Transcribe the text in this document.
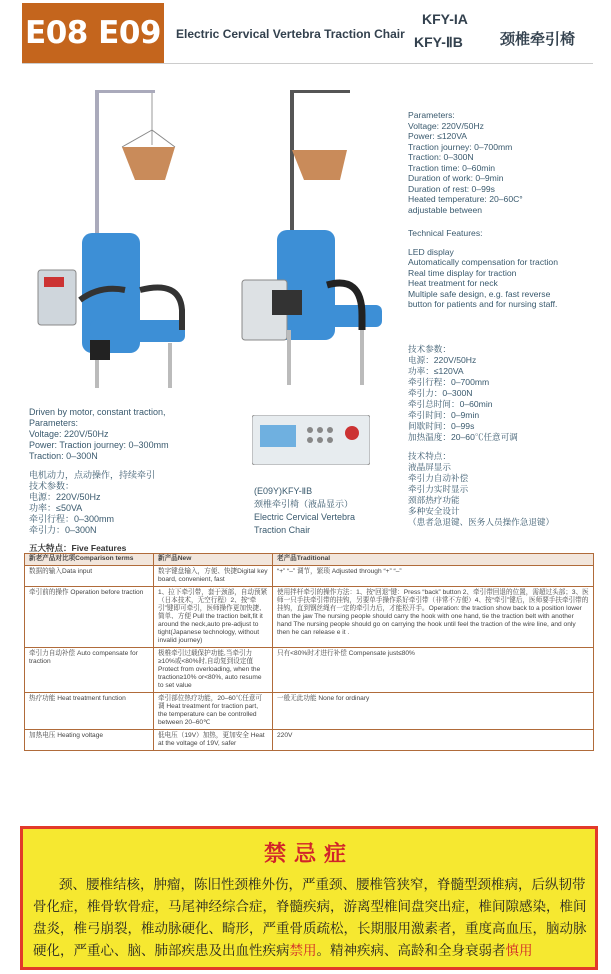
E08 E09 Electric Cervical Vertebra Traction Chair
KFY-IA
KFY-ⅡB 颈椎牵引椅
Parameters:
Voltage: 220V/50Hz
Power: ≤120VA
Traction journey: 0–700mm
Traction: 0–300N
Traction time: 0–60min
Duration of work: 0–9min
Duration of rest: 0–99s
Heated temperature: 20–60C°
adjustable between
Technical Features:
LED display
Automatically compensation for traction
Real time display for traction
Heat treatment for neck
Multiple safe design, e.g. fast reverse
button for patients and for nursing staff.
技术参数：
电源：220V/50Hz
功率：≤120VA
牵引行程：0–700mm
牵引力：0–300N
牵引总时间：0–60min
牵引时间：0–9min
间歇时间：0–99s
加热温度：20–60℃任意可调
技术特点：
液晶屏显示
牵引力自动补偿
牵引力实时显示
颈部热疗功能
多种安全设计
（患者急退键、医务人员操作急退键）
Driven by motor, constant traction,
Parameters:
Voltage: 220V/50Hz
Power: Traction journey: 0–300mm
Traction: 0–300N
电机动力，点动操作，持续牵引
技术参数：
电源：220V/50Hz
功率：≤50VA
牵引行程：0–300mm
牵引力：0–300N
(E09Y)KFY-ⅡB
颈椎牵引椅（液晶显示）
Electric Cervical Vertebra
Traction Chair
五大特点：Five Features
新老产品对比项Comparison terms	新产品New	老产品Traditional
数据的输入Data input	数字键盘输入，方便、快捷Digital key board, convenient, fast	“+” “–” 调节，繁琐 Adjusted through “+” “–”
牵引前的操作 Operation before traction	1、拉下牵引带，套于颈部，自动预紧（日本技术，无空行程）2、按“牵引”键即可牵引，医师操作更加快捷、简单、方便 Pull the traction belt,fit it around the neck,auto pre-adjust to tight(Japanese technology, without invalid journey)	使用拌杆牵引的操作方法：1、按“回退”键：Press “back” button 2、牵引带回退的位置，需超过头部；3、医师一只手扶牵引带的挂钩，另要单手操作系好牵引带（非常不方便）4、按“牵引”键后，医师要手扶牵引带的挂钩，直到钢丝绳有一定的牵引力后，才能松开手。Operation: the traction show back to a position lower than the jaw The nursing people should carry the hook with one hand, tie the traction belt with another hand The nursing people should go on carrying the hook until feel the traction of the wire line, and only then he can release e it .
牵引力自动补偿 Auto compensate for traction	极椎牵引过载保护功能,当牵引力≥10%或<80%时,自动复到设定值 Protect from overloading, when the traction≥10% or<80%, auto resume to set value	只有<80%时才进行补偿 Compensate just≤80%
热疗功能 Heat treatment function	牵引部位热疗功能，20–60℃任意可调 Heat treatment for traction part, the temperature can be controlled between 20–60℃	一般无此功能 None for ordinary
加热电压 Heating voltage	低电压（19V）加热，更加安全 Heat at the voltage of 19V, safer	220V
禁忌症
颈、腰椎结核，肿瘤，陈旧性颈椎外伤，严重颈、腰椎管狭窄，脊髓型颈椎病，后纵韧带骨化症，椎骨软骨症，马尾神经综合症，脊髓疾病，游离型椎间盘突出症，椎间隙感染，椎间盘炎，椎弓崩裂，椎动脉硬化、畸形，严重骨质疏松，长期服用激素者，重度高血压，脑动脉硬化，严重心、脑、肺部疾患及出血性疾病禁用。精神疾病、高龄和全身衰弱者慎用
